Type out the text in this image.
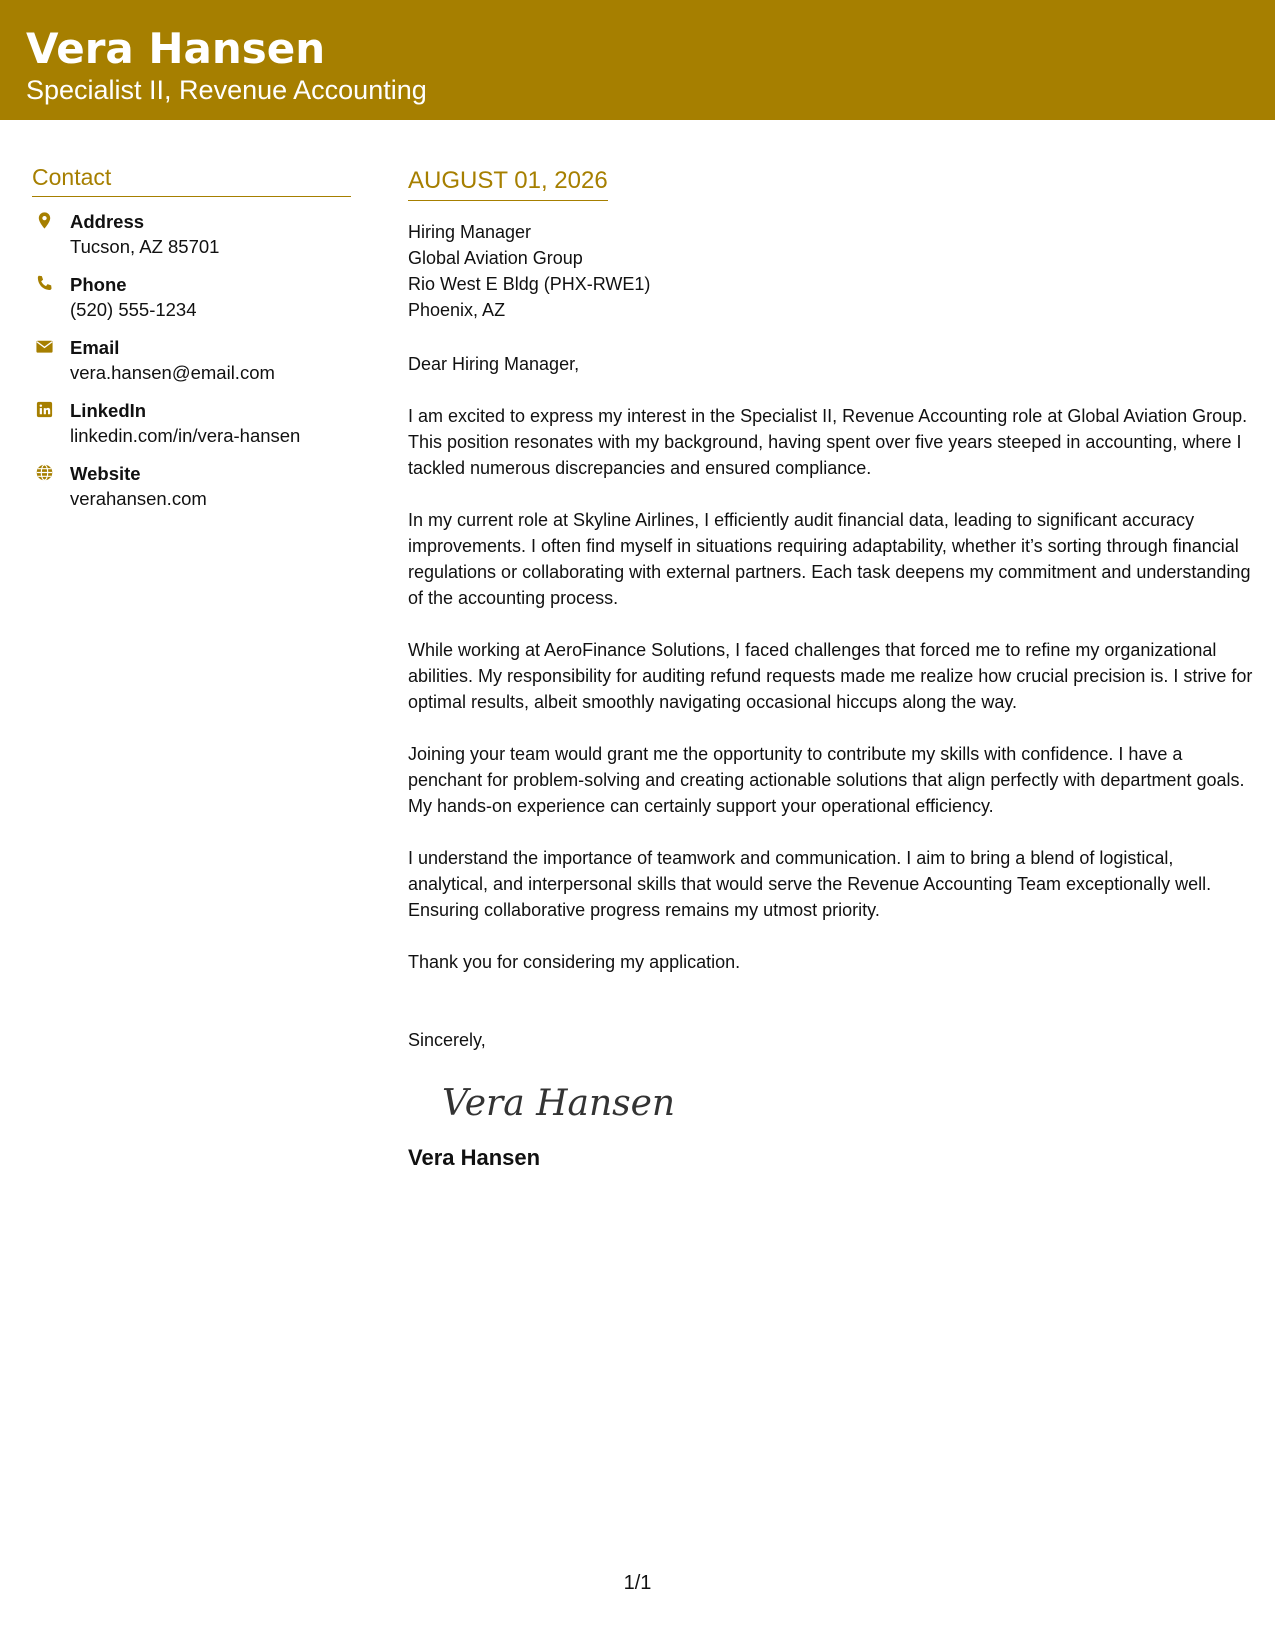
Vera Hansen
Specialist II, Revenue Accounting
Contact
Address
Tucson, AZ 85701
Phone
(520) 555-1234
Email
vera.hansen@email.com
LinkedIn
linkedin.com/in/vera-hansen
Website
verahansen.com
AUGUST 01, 2026
Hiring Manager
Global Aviation Group
Rio West E Bldg (PHX-RWE1)
Phoenix, AZ
Dear Hiring Manager,
I am excited to express my interest in the Specialist II, Revenue Accounting role at Global Aviation Group. This position resonates with my background, having spent over five years steeped in accounting, where I tackled numerous discrepancies and ensured compliance.
In my current role at Skyline Airlines, I efficiently audit financial data, leading to significant accuracy improvements. I often find myself in situations requiring adaptability, whether it’s sorting through financial regulations or collaborating with external partners. Each task deepens my commitment and understanding of the accounting process.
While working at AeroFinance Solutions, I faced challenges that forced me to refine my organizational abilities. My responsibility for auditing refund requests made me realize how crucial precision is. I strive for optimal results, albeit smoothly navigating occasional hiccups along the way.
Joining your team would grant me the opportunity to contribute my skills with confidence. I have a penchant for problem-solving and creating actionable solutions that align perfectly with department goals. My hands-on experience can certainly support your operational efficiency.
I understand the importance of teamwork and communication. I aim to bring a blend of logistical, analytical, and interpersonal skills that would serve the Revenue Accounting Team exceptionally well. Ensuring collaborative progress remains my utmost priority.
Thank you for considering my application.
Sincerely,
Vera Hansen
Vera Hansen
1/1
